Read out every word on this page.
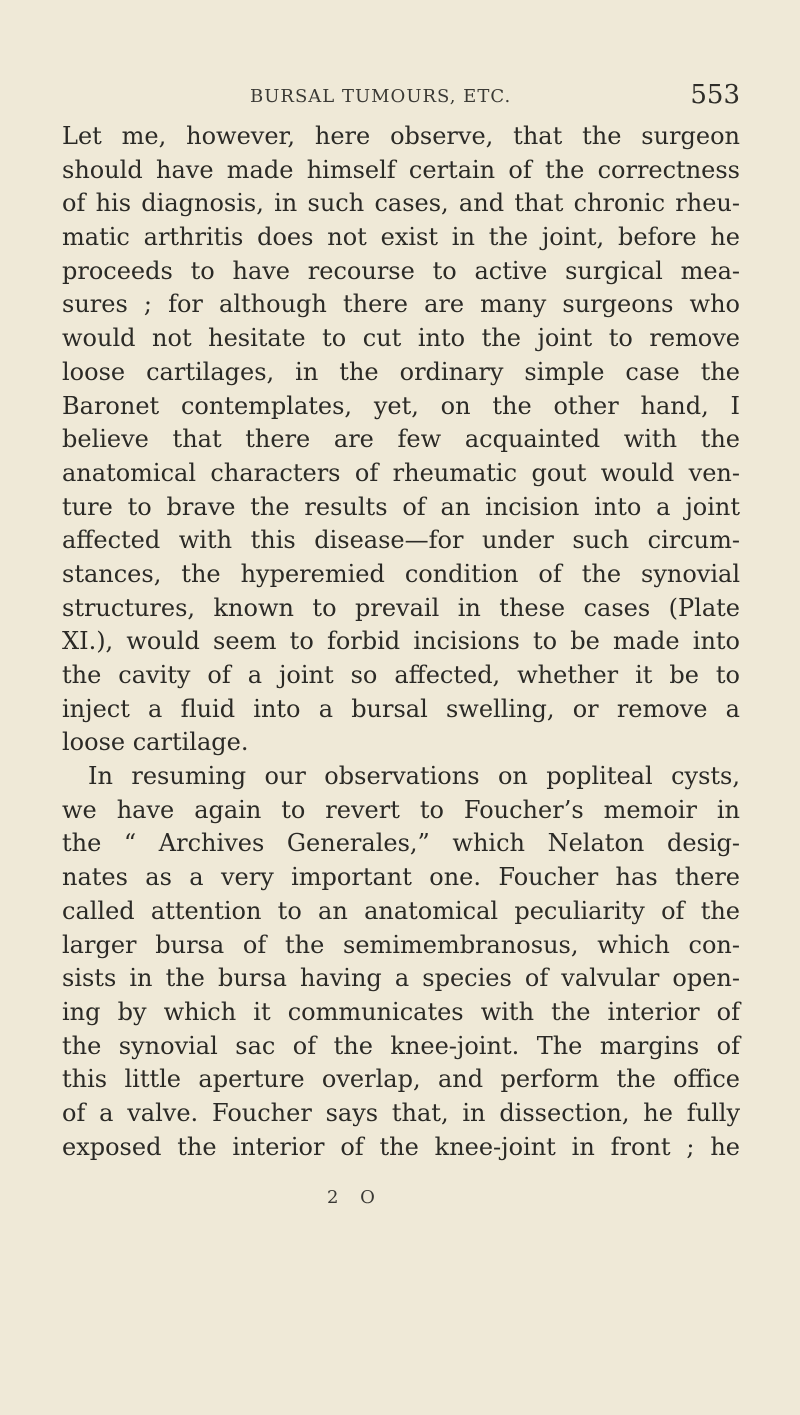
BURSAL TUMOURS, ETC.	553
Let me, however, here observe, that the surgeon
should have made himself certain of the correctness
of his diagnosis, in such cases, and that chronic rheu-
matic arthritis does not exist in the joint, before he
proceeds to have recourse to active surgical mea-
sures ; for although there are many surgeons who
would not hesitate to cut into the joint to remove
loose cartilages, in the ordinary simple case the
Baronet contemplates, yet, on the other hand, I
believe that there are few acquainted with the
anatomical characters of rheumatic gout would ven-
ture to brave the results of an incision into a joint
affected with this disease—for under such circum-
stances, the hyperemied condition of the synovial
structures, known to prevail in these cases (Plate
XI.), would seem to forbid incisions to be made into
the cavity of a joint so affected, whether it be to
inject a fluid into a bursal swelling, or remove a
loose cartilage.
In resuming our observations on popliteal cysts,
we have again to revert to Foucher’s memoir in
the “ Archives Generales,” which Nelaton desig-
nates as a very important one. Foucher has there
called attention to an anatomical peculiarity of the
larger bursa of the semimembranosus, which con-
sists in the bursa having a species of valvular open-
ing by which it communicates with the interior of
the synovial sac of the knee-joint. The margins of
this little aperture overlap, and perform the office
of a valve. Foucher says that, in dissection, he fully
exposed the interior of the knee-joint in front ; he
2 O
